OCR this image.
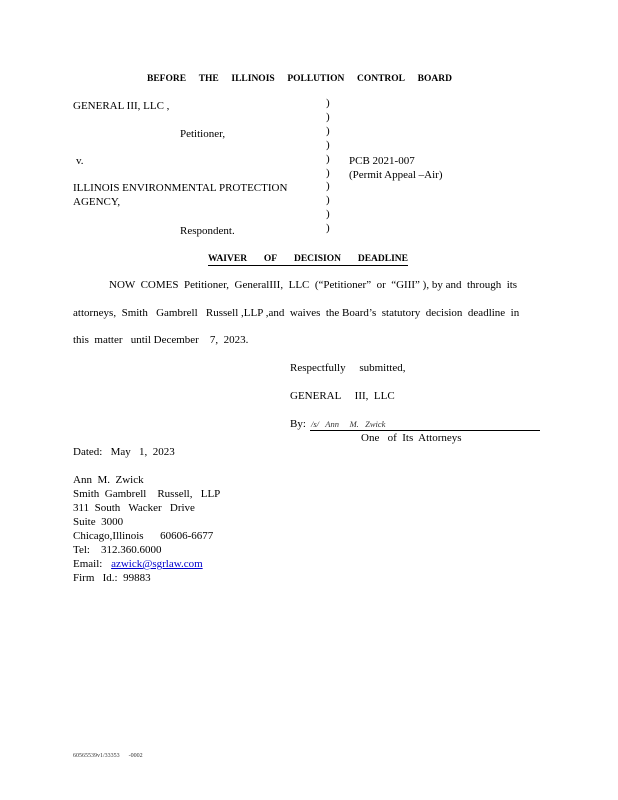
BEFORE THE ILLINOIS POLLUTION CONTROL BOARD
GENERAL III, LLC ,
Petitioner,
v.
ILLINOIS ENVIRONMENTAL PROTECTION
AGENCY,
Respondent.
)
)
)
)
)
)
)
)
)
)
PCB 2021-007
(Permit Appeal –Air)
WAIVER OF DECISION DEADLINE
NOW  COMES  Petitioner,  GeneralIII,  LLC  (“Petitioner”  or  “GIII” ), by and  through  its
attorneys,  Smith   Gambrell   Russell ,LLP ,and  waives  the Board’s  statutory  decision  deadline  in
this  matter   until December    7,  2023.
Respectfully     submitted,
GENERAL     III,  LLC
By: /s/   Ann     M.   Zwick
One   of  Its  Attorneys
Dated:   May   1,  2023
Ann  M.  Zwick
Smith  Gambrell    Russell,   LLP
311  South   Wacker   Drive
Suite  3000
Chicago,Illinois      60606-6677
Tel:    312.360.6000
Email: azwick@sgrlaw.com
Firm   Id.:  99883
60565539v1/33353      -0002
